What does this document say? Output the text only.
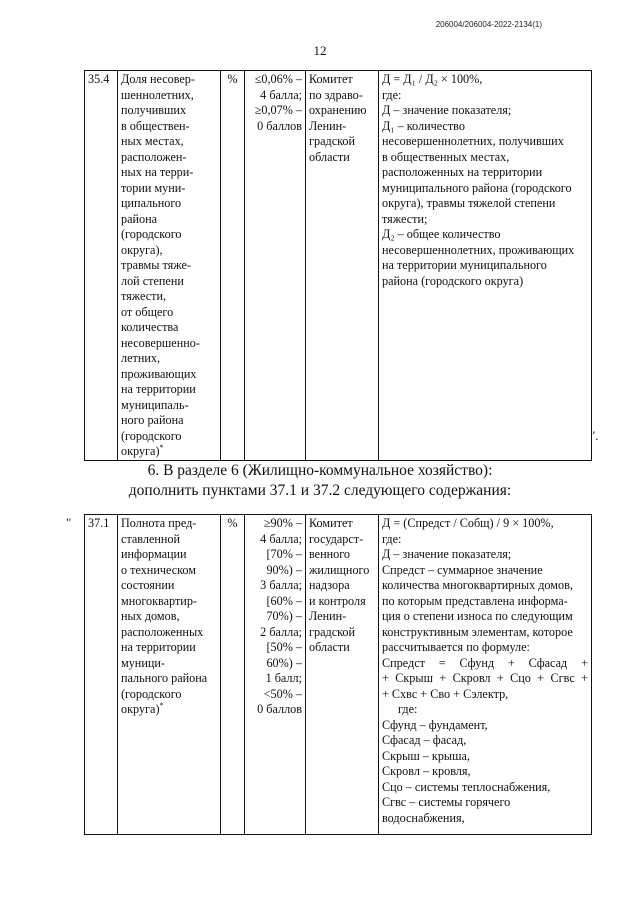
206004/206004-2022-2134(1)
12
35.4	Доля несовер-
шеннолетних,
получивших
в обществен-
ных местах,
расположен-
ных на терри-
тории муни-
ципального
района
(городского
округа),
травмы тяже-
лой степени
тяжести,
от общего
количества
несовершенно-
летних,
проживающих
на территории
муниципаль-
ного района
(городского
округа)*
	%	≤0,06% –
4 балла;
≥0,07% –
0 баллов

Комитет
по здраво-
охранению
Ленин-
градской
области

Д = Д₁ / Д₂ × 100%,
где:
Д – значение показателя;
Д₁ – количество
несовершеннолетних, получивших
в общественных местах,
расположенных на территории
муниципального района (городского
округа), травмы тяжелой степени
тяжести;
Д₂ – общее количество
несовершеннолетних, проживающих
на территории муниципального
района (городского округа)
".
6. В разделе 6 (Жилищно-коммунальное хозяйство):
дополнить пунктами 37.1 и 37.2 следующего содержания:
" 37.1	Полнота пред-
ставленной
информации
о техническом
состоянии
многоквартир-
ных домов,
расположенных
на территории
муници-
пального района
(городского
округа)*
	%	≥90% –
4 балла;
[70% –
90%) –
3 балла;
[60% –
70%) –
2 балла;
[50% –
60%) –
1 балл;
<50% –
0 баллов

Комитет
государст-
венного
жилищного
надзора
и контроля
Ленин-
градской
области

Д = (Спредст / Собщ) / 9 × 100%,
где:
Д – значение показателя;
Спредст – суммарное значение
количества многоквартирных домов,
по которым представлена информа-
ция о степени износа по следующим
конструктивным элементам, которое
рассчитывается по формуле:
Спредст = Сфунд + Сфасад +
+ Скрыш + Скровл + Сцо + Сгвс +
+ Схвс + Сво + Сэлектр,
где:
Сфунд – фундамент,
Сфасад – фасад,
Скрыш – крыша,
Скровл – кровля,
Сцо – системы теплоснабжения,
Сгвс – системы горячего
водоснабжения,
